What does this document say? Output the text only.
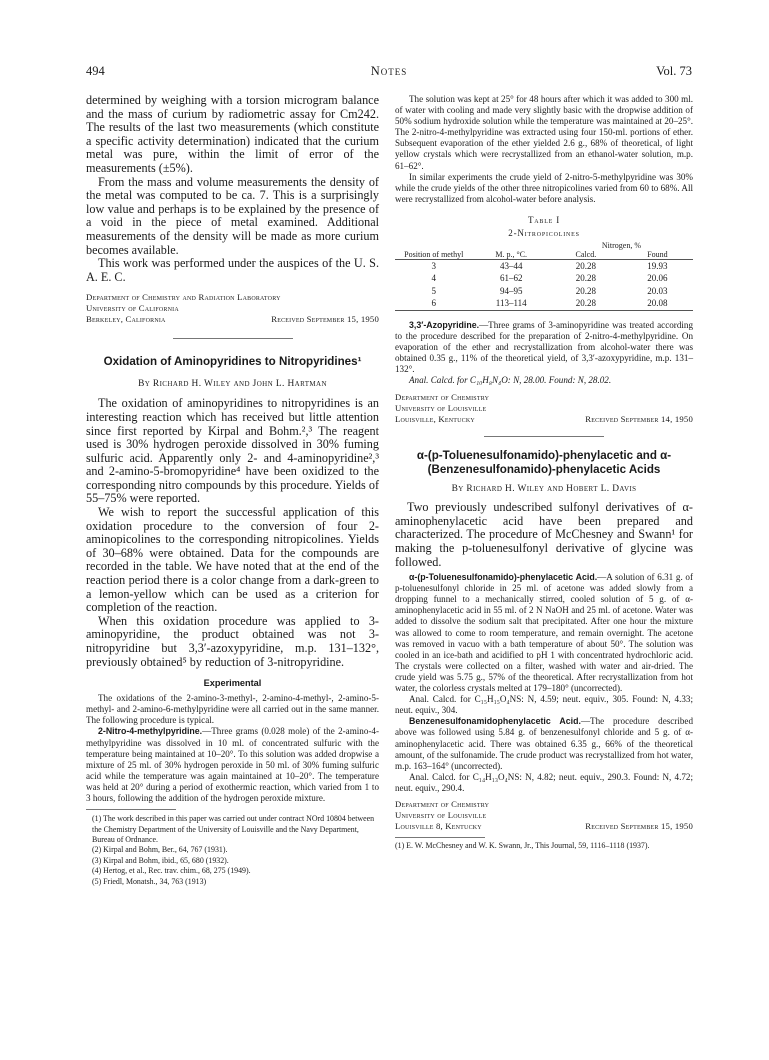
494	Notes	Vol. 73

determined by weighing with a torsion microgram balance and the mass of curium by radiometric assay for Cm242. The results of the last two measurements (which constitute a specific activity determination) indicated that the curium metal was pure, within the limit of error of the measurements (±5%).

From the mass and volume measurements the density of the metal was computed to be ca. 7. This is a surprisingly low value and perhaps is to be explained by the presence of a void in the piece of metal examined. Additional measurements of the density will be made as more curium becomes available.

This work was performed under the auspices of the U. S. A. E. C.

Department of Chemistry and Radiation Laboratory
University of California
Berkeley, California	Received September 15, 1950
Oxidation of Aminopyridines to Nitropyridines¹
By Richard H. Wiley and John L. Hartman

The oxidation of aminopyridines to nitropyridines is an interesting reaction which has received but little attention since first reported by Kirpal and Bohm.²,³ The reagent used is 30% hydrogen peroxide dissolved in 30% fuming sulfuric acid. Apparently only 2- and 4-aminopyridine²,³ and 2-amino-5-bromopyridine⁴ have been oxidized to the corresponding nitro compounds by this procedure. Yields of 55–75% were reported.

We wish to report the successful application of this oxidation procedure to the conversion of four 2-aminopicolines to the corresponding nitropicolines. Yields of 30–68% were obtained. Data for the compounds are recorded in the table. We have noted that at the end of the reaction period there is a color change from a dark-green to a lemon-yellow which can be used as a criterion for completion of the reaction.

When this oxidation procedure was applied to 3-aminopyridine, the product obtained was not 3-nitropyridine but 3,3′-azoxypyridine, m.p. 131–132°, previously obtained⁵ by reduction of 3-nitropyridine.

Experimental

The oxidations of the 2-amino-3-methyl-, 2-amino-4-methyl-, 2-amino-5-methyl- and 2-amino-6-methylpyridine were all carried out in the same manner. The following procedure is typical.

2-Nitro-4-methylpyridine.—Three grams (0.028 mole) of the 2-amino-4-methylpyridine was dissolved in 10 ml. of concentrated sulfuric with the temperature being maintained at 10–20°. To this solution was added dropwise a mixture of 25 ml. of 30% hydrogen peroxide in 50 ml. of 30% fuming sulfuric acid while the temperature was again maintained at 10–20°. The temperature was held at 20° during a period of exothermic reaction, which varied from 1 to 3 hours, following the addition of the hydrogen peroxide mixture.

(1) The work described in this paper was carried out under contract NOrd 10804 between the Chemistry Department of the University of Louisville and the Navy Department, Bureau of Ordnance.
(2) Kirpal and Bohm, Ber., 64, 767 (1931).
(3) Kirpal and Bohm, ibid., 65, 680 (1932).
(4) Hertog, et al., Rec. trav. chim., 68, 275 (1949).
(5) Friedl, Monatsh., 34, 763 (1913)

The solution was kept at 25° for 48 hours after which it was added to 300 ml. of water with cooling and made very slightly basic with the dropwise addition of 50% sodium hydroxide solution while the temperature was maintained at 20–25°. The 2-nitro-4-methylpyridine was extracted using four 150-ml. portions of ether. Subsequent evaporation of the ether yielded 2.6 g., 68% of theoretical, of light yellow crystals which were recrystallized from an ethanol-water solution, m.p. 61–62°.

In similar experiments the crude yield of 2-nitro-5-methylpyridine was 30% while the crude yields of the other three nitropicolines varied from 60 to 68%. All were recrystallized from alcohol-water before analysis.

Table I
2-Nitropicolines
Position of methyl	M. p., °C.	Nitrogen, %	
		Calcd.	Found
3	43–44	20.28	19.93
4	61–62	20.28	20.06
5	94–95	20.28	20.03
6	113–114	20.28	20.08

3,3′-Azopyridine.—Three grams of 3-aminopyridine was treated according to the procedure described for the preparation of 2-nitro-4-methylpyridine. On evaporation of the ether and recrystallization from alcohol-water there was obtained 0.35 g., 11% of the theoretical yield, of 3,3′-azoxypyridine, m.p. 131–132°.

Anal. Calcd. for C₁₀H₈N₄O: N, 28.00. Found: N, 28.02.

Department of Chemistry
University of Louisville
Louisville, Kentucky	Received September 14, 1950
α-(p-Toluenesulfonamido)-phenylacetic and α-
(Benzenesulfonamido)-phenylacetic Acids
By Richard H. Wiley and Hobert L. Davis

Two previously undescribed sulfonyl derivatives of α-aminophenylacetic acid have been prepared and characterized. The procedure of McChesney and Swann¹ for making the p-toluenesulfonyl derivative of glycine was followed.

α-(p-Toluenesulfonamido)-phenylacetic Acid.—A solution of 6.31 g. of p-toluenesulfonyl chloride in 25 ml. of acetone was added slowly from a dropping funnel to a mechanically stirred, cooled solution of 5 g. of α-aminophenylacetic acid in 55 ml. of 2 N NaOH and 25 ml. of acetone. Water was added to dissolve the sodium salt that precipitated. After one hour the mixture was allowed to come to room temperature, and remain overnight. The acetone was removed in vacuo with a bath temperature of about 50°. The solution was cooled in an ice-bath and acidified to pH 1 with concentrated hydrochloric acid. The crystals were collected on a filter, washed with water and air-dried. The crude yield was 5.75 g., 57% of the theoretical. After recrystallization from hot water, the colorless crystals melted at 179–180° (uncorrected).

Anal. Calcd. for C₁₅H₁₅O₄NS: N, 4.59; neut. equiv., 305. Found: N, 4.33; neut. equiv., 304.

Benzenesulfonamidophenylacetic Acid.—The procedure described above was followed using 5.84 g. of benzenesulfonyl chloride and 5 g. of α-aminophenylacetic acid. There was obtained 6.35 g., 66% of the theoretical amount, of the sulfonamide. The crude product was recrystallized from hot water, m.p. 163–164° (uncorrected).

Anal. Calcd. for C₁₄H₁₃O₄NS: N, 4.82; neut. equiv., 290.3. Found: N, 4.72; neut. equiv., 290.4.

Department of Chemistry
University of Louisville
Louisville 8, Kentucky	Received September 15, 1950
(1) E. W. McChesney and W. K. Swann, Jr., This Journal, 59, 1116–1118 (1937).
